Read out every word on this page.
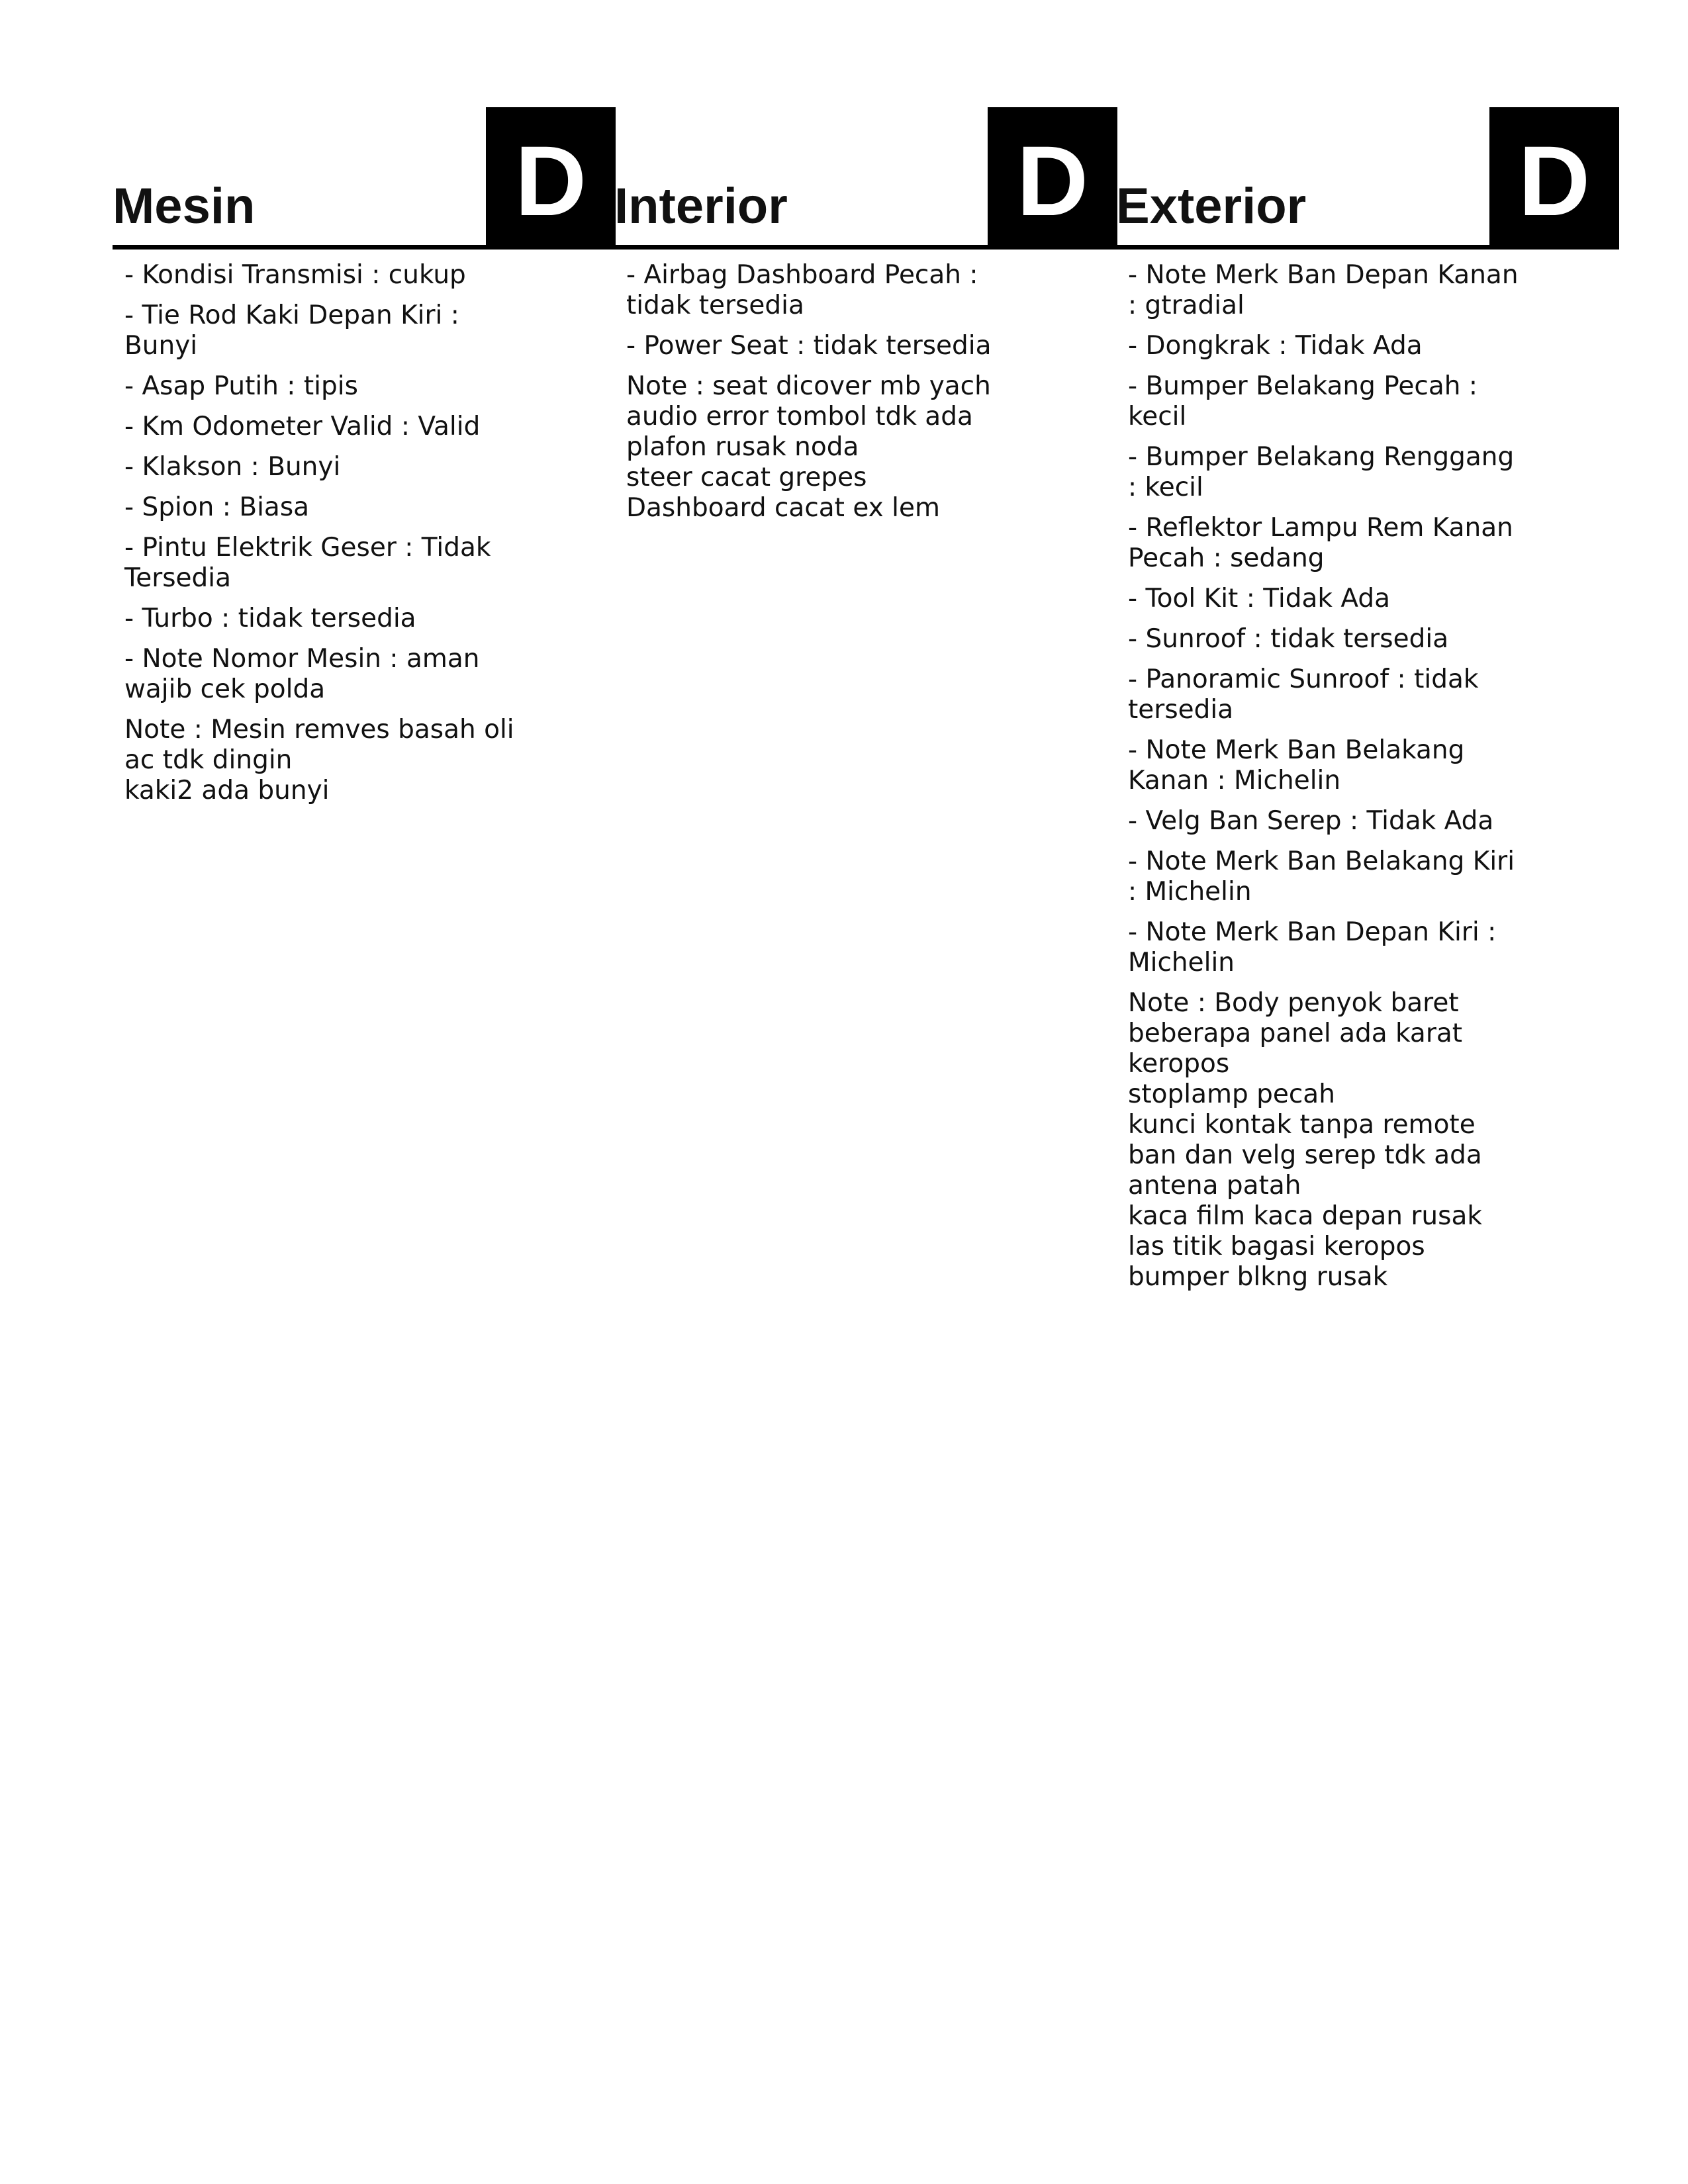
Mesin	D
- Kondisi Transmisi : cukup
- Tie Rod Kaki Depan Kiri : Bunyi
- Asap Putih : tipis
- Km Odometer Valid : Valid
- Klakson : Bunyi
- Spion : Biasa
- Pintu Elektrik Geser : Tidak Tersedia
- Turbo : tidak tersedia
- Note Nomor Mesin : aman wajib cek polda
Note : Mesin remves basah oli
ac tdk dingin
kaki2 ada bunyi
Interior D
- Airbag Dashboard Pecah : tidak tersedia
- Power Seat : tidak tersedia
Note : seat dicover mb yach
audio error tombol tdk ada
plafon rusak noda
steer cacat grepes
Dashboard cacat ex lem
Exterior D
- Note Merk Ban Depan Kanan : gtradial
- Dongkrak : Tidak Ada
- Bumper Belakang Pecah : kecil
- Bumper Belakang Renggang : kecil
- Reflektor Lampu Rem Kanan Pecah : sedang
- Tool Kit : Tidak Ada
- Sunroof : tidak tersedia
- Panoramic Sunroof : tidak tersedia
- Note Merk Ban Belakang Kanan : Michelin
- Velg Ban Serep : Tidak Ada
- Note Merk Ban Belakang Kiri : Michelin
- Note Merk Ban Depan Kiri : Michelin
Note : Body penyok baret
beberapa panel ada karat keropos
stoplamp pecah
kunci kontak tanpa remote
ban dan velg serep tdk ada
antena patah
kaca film kaca depan rusak
las titik bagasi keropos
bumper blkng rusak
